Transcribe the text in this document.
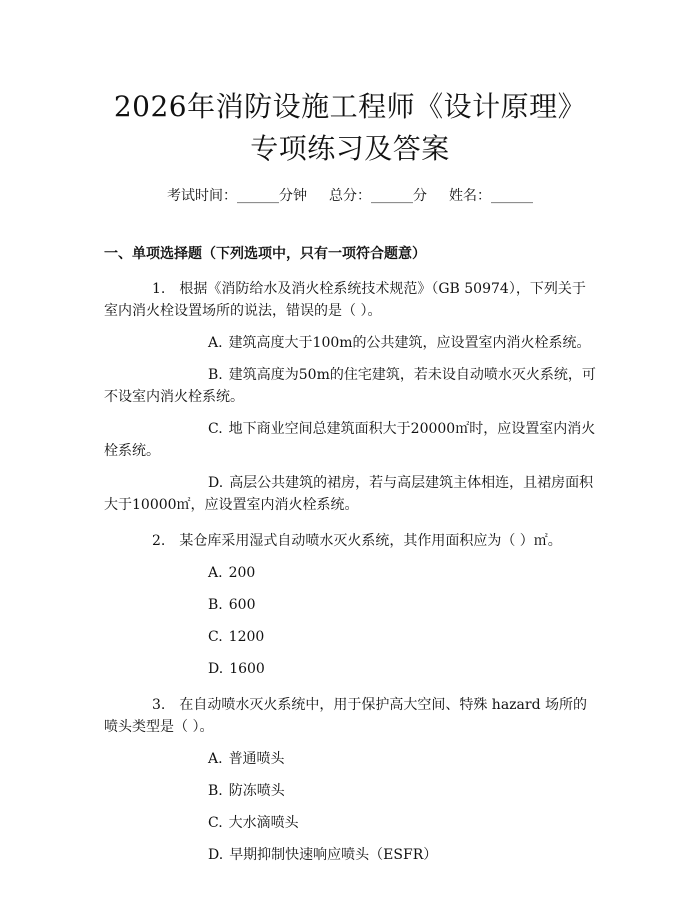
2026年消防设施工程师《设计原理》专项练习及答案
考试时间：______分钟 总分：______分 姓名：______
一、单项选择题（下列选项中，只有一项符合题意）
1. 根据《消防给水及消火栓系统技术规范》（GB 50974），下列关于室内消火栓设置场所的说法，错误的是（ ）。
A. 建筑高度大于100m的公共建筑，应设置室内消火栓系统。
B. 建筑高度为50m的住宅建筑，若未设自动喷水灭火系统，可不设室内消火栓系统。
C. 地下商业空间总建筑面积大于20000㎡时，应设置室内消火栓系统。
D. 高层公共建筑的裙房，若与高层建筑主体相连，且裙房面积大于10000㎡，应设置室内消火栓系统。
2. 某仓库采用湿式自动喷水灭火系统，其作用面积应为（ ）㎡。
A. 200
B. 600
C. 1200
D. 1600
3. 在自动喷水灭火系统中，用于保护高大空间、特殊 hazard 场所的喷头类型是（ ）。
A. 普通喷头
B. 防冻喷头
C. 大水滴喷头
D. 早期抑制快速响应喷头（ESFR）
